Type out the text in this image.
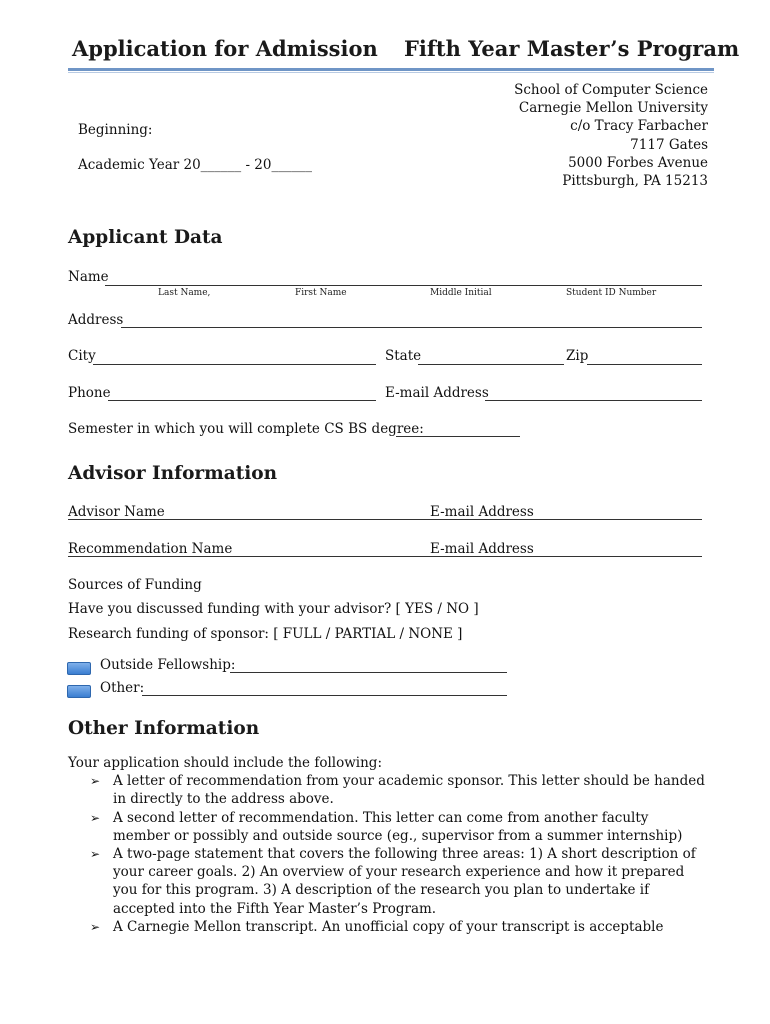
Application for Admission Fifth Year Master’s Program
School of Computer Science
Carnegie Mellon University
c/o Tracy Farbacher
7117 Gates
5000 Forbes Avenue
Pittsburgh, PA 15213
Beginning:
Academic Year 20______ - 20______
Applicant Data
Name
Last Name,	First Name	Middle Initial	Student ID Number
Address
City	State	Zip
Phone	E-mail Address
Semester in which you will complete CS BS degree:
Advisor Information
Advisor Name	E-mail Address
Recommendation Name	E-mail Address
Sources of Funding
Have you discussed funding with your advisor? [ YES / NO ]
Research funding of sponsor: [ FULL / PARTIAL / NONE ]
Outside Fellowship:
Other:
Other Information
Your application should include the following:
➢ A letter of recommendation from your academic sponsor. This letter should be handed in directly to the address above.
➢ A second letter of recommendation. This letter can come from another faculty member or possibly and outside source (eg., supervisor from a summer internship)
➢ A two-page statement that covers the following three areas: 1) A short description of your career goals. 2) An overview of your research experience and how it prepared you for this program. 3) A description of the research you plan to undertake if accepted into the Fifth Year Master’s Program.
➢ A Carnegie Mellon transcript. An unofficial copy of your transcript is acceptable
